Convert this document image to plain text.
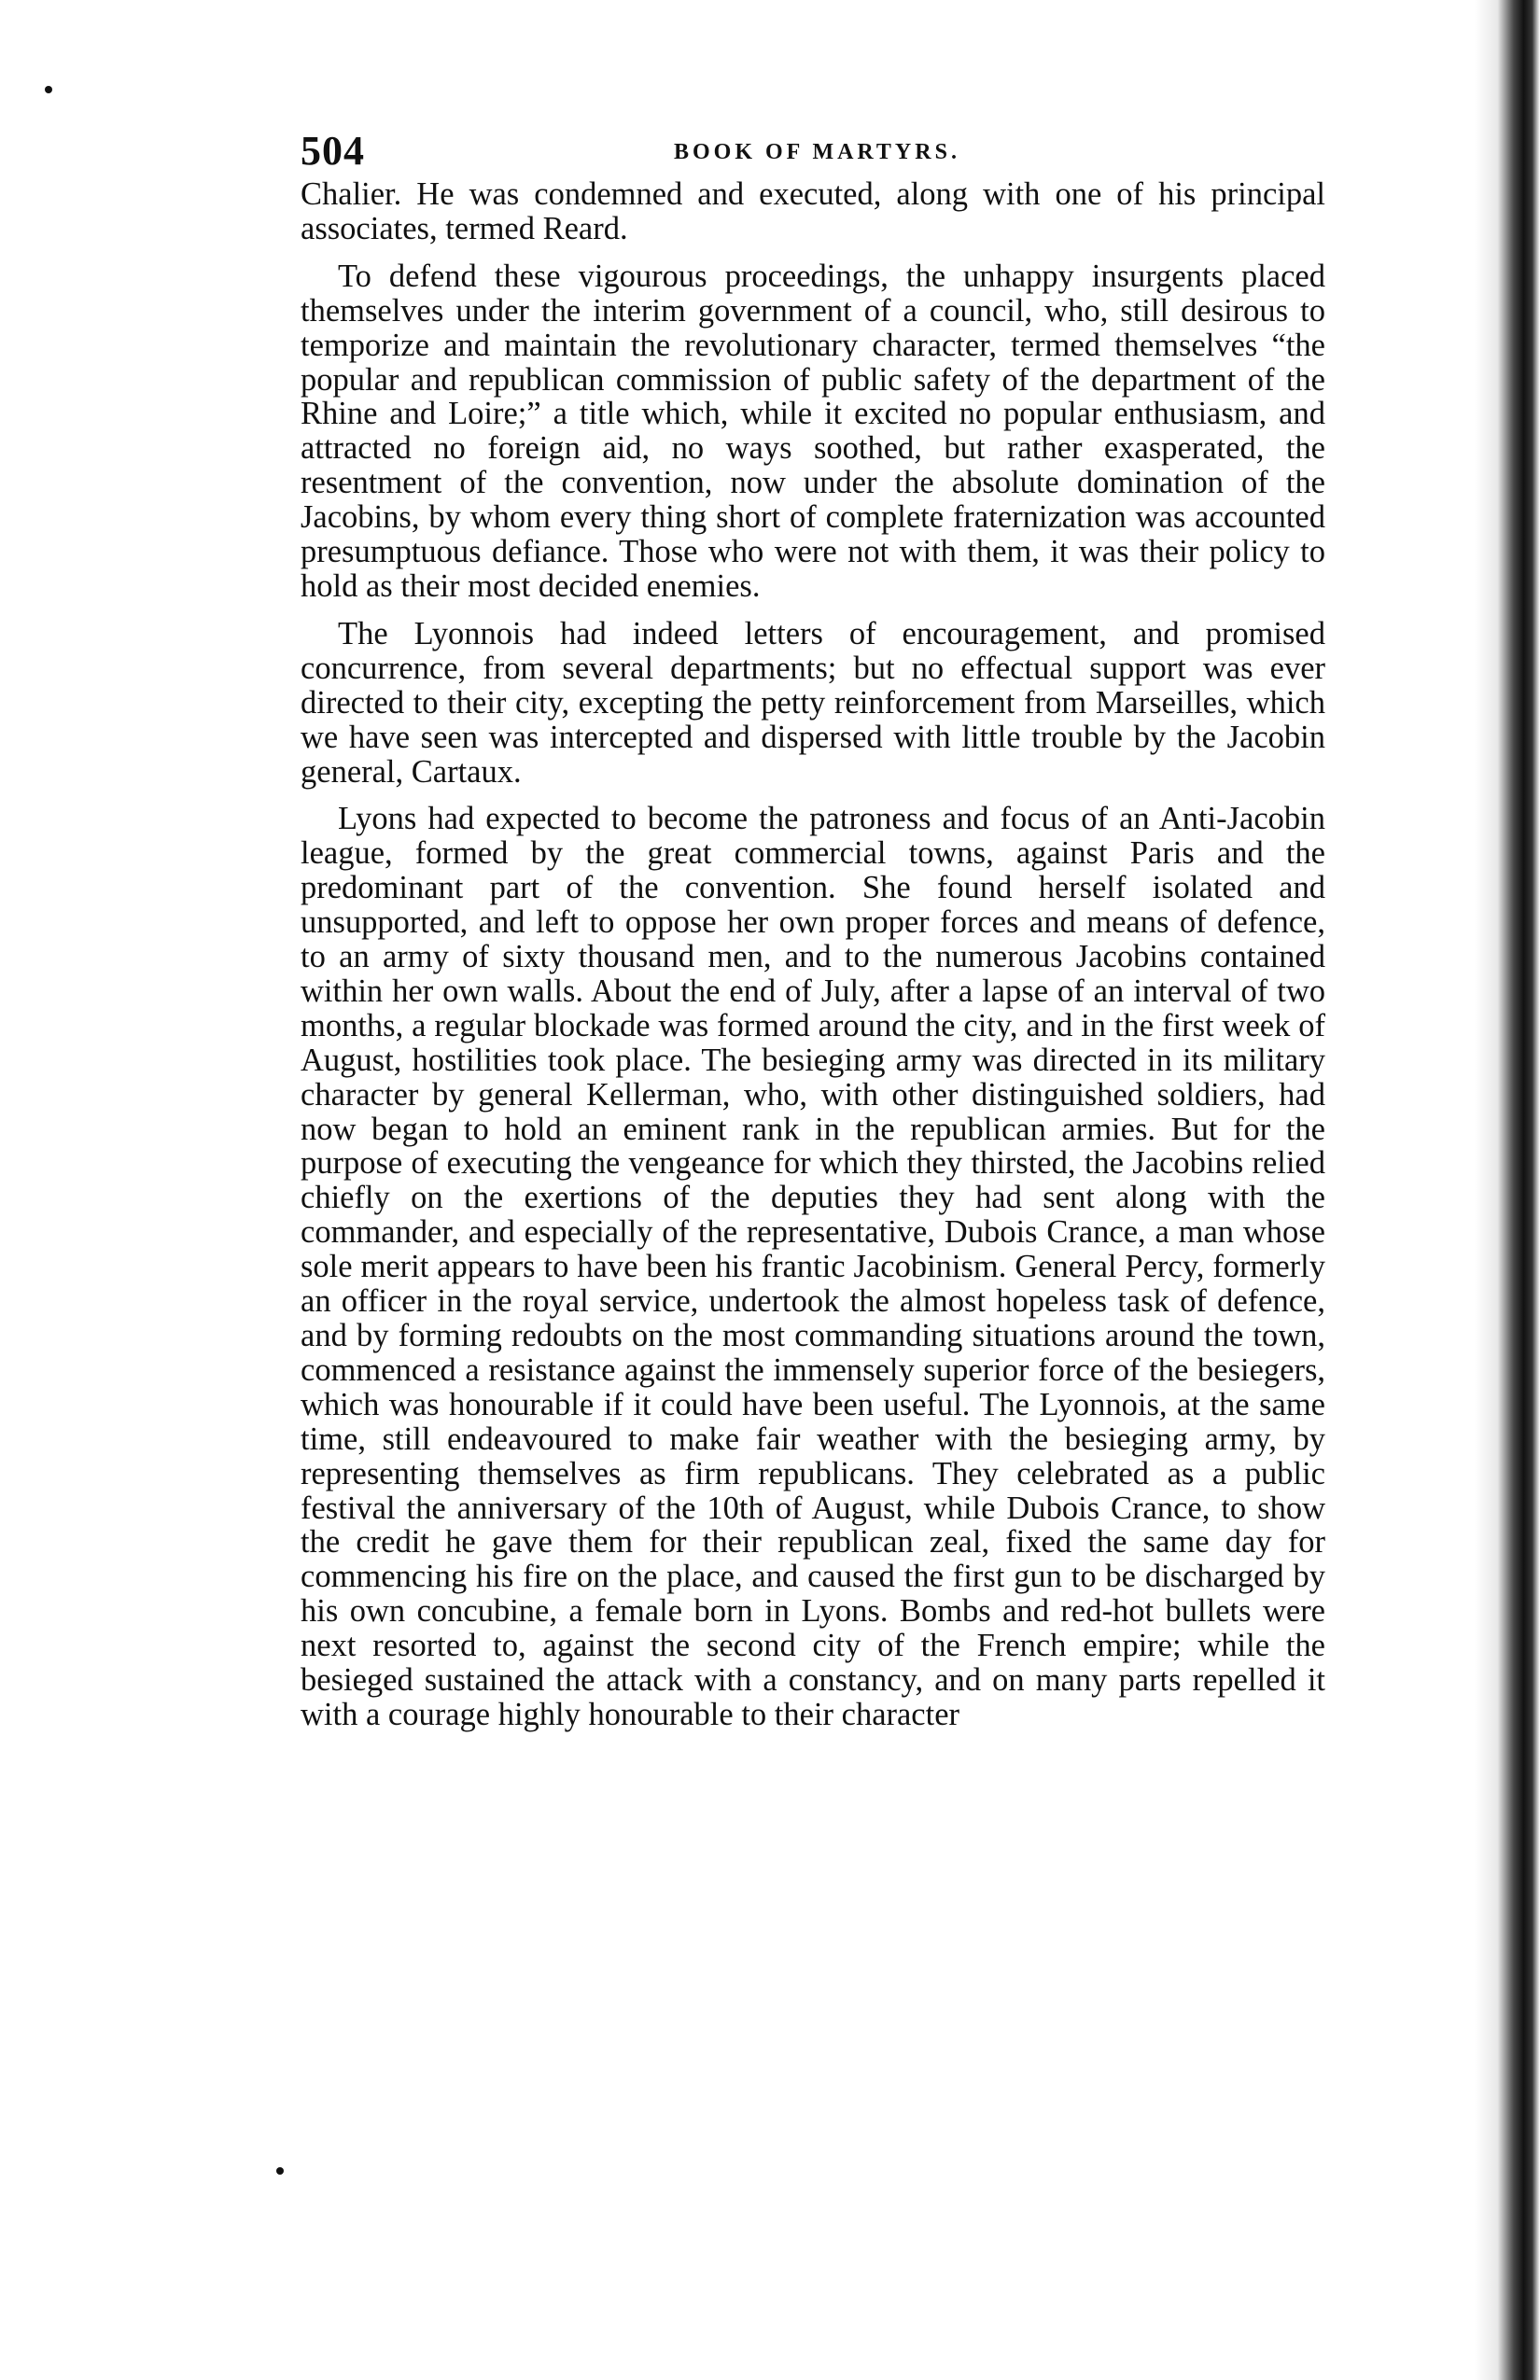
504	BOOK OF MARTYRS.

Chalier. He was condemned and executed, along with one of his principal associates, termed Reard.

To defend these vigourous proceedings, the unhappy insurgents placed themselves under the interim government of a council, who, still desirous to temporize and maintain the revolutionary character, termed themselves “the popular and republican commission of public safety of the department of the Rhine and Loire;” a title which, while it excited no popular enthusiasm, and attracted no foreign aid, no ways soothed, but rather exasperated, the resentment of the convention, now under the absolute domination of the Jacobins, by whom every thing short of complete fraternization was accounted presumptuous defiance. Those who were not with them, it was their policy to hold as their most decided enemies.

The Lyonnois had indeed letters of encouragement, and promised concurrence, from several departments; but no effectual support was ever directed to their city, excepting the petty reinforcement from Marseilles, which we have seen was intercepted and dispersed with little trouble by the Jacobin general, Cartaux.

Lyons had expected to become the patroness and focus of an Anti-Jacobin league, formed by the great commercial towns, against Paris and the predominant part of the convention. She found herself isolated and unsupported, and left to oppose her own proper forces and means of defence, to an army of sixty thousand men, and to the numerous Jacobins contained within her own walls. About the end of July, after a lapse of an interval of two months, a regular blockade was formed around the city, and in the first week of August, hostilities took place. The besieging army was directed in its military character by general Kellerman, who, with other distinguished soldiers, had now began to hold an eminent rank in the republican armies. But for the purpose of executing the vengeance for which they thirsted, the Jacobins relied chiefly on the exertions of the deputies they had sent along with the commander, and especially of the representative, Dubois Crance, a man whose sole merit appears to have been his frantic Jacobinism. General Percy, formerly an officer in the royal service, undertook the almost hopeless task of defence, and by forming redoubts on the most commanding situations around the town, commenced a resistance against the immensely superior force of the besiegers, which was honourable if it could have been useful. The Lyonnois, at the same time, still endeavoured to make fair weather with the besieging army, by representing themselves as firm republicans. They celebrated as a public festival the anniversary of the 10th of August, while Dubois Crance, to show the credit he gave them for their republican zeal, fixed the same day for commencing his fire on the place, and caused the first gun to be discharged by his own concubine, a female born in Lyons. Bombs and red-hot bullets were next resorted to, against the second city of the French empire; while the besieged sustained the attack with a constancy, and on many parts repelled it with a courage highly honourable to their character
